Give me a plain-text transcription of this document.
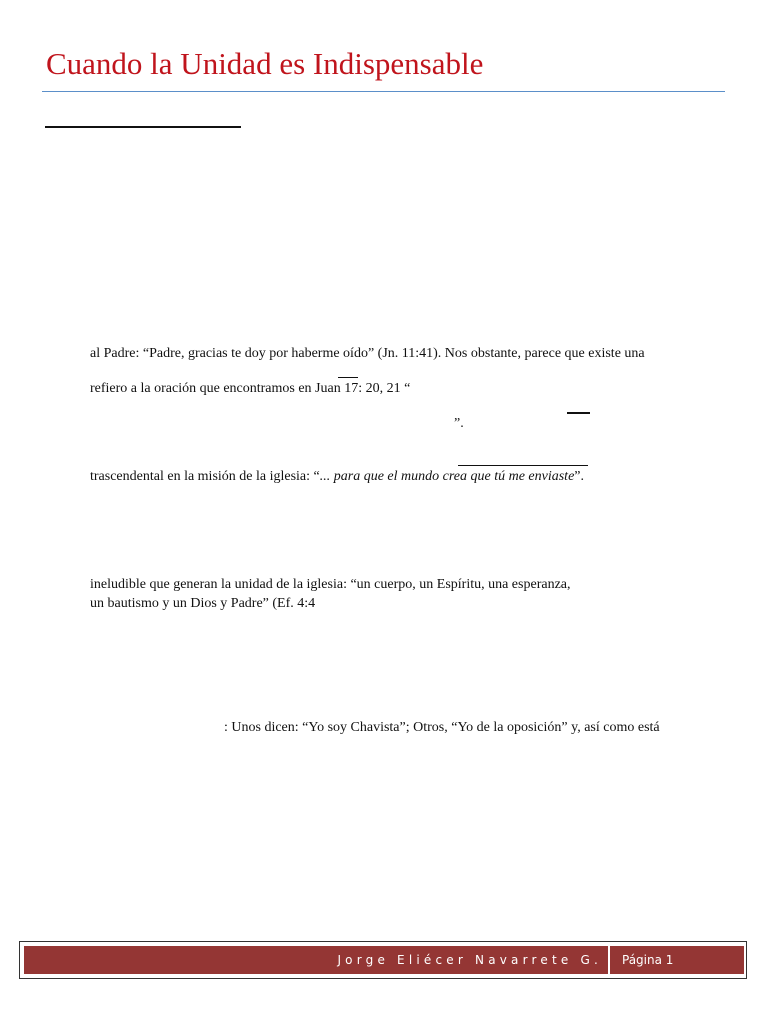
Cuando la Unidad es Indispensable
al Padre: “Padre, gracias te doy por haberme oído” (Jn. 11:41). Nos obstante, parece que existe una
refiero a la oración que encontramos en Juan 17: 20, 21 “
”.
trascendental en la misión de la iglesia: “... para que el mundo crea que tú me enviaste”.
ineludible que generan la unidad de la iglesia: “un cuerpo, un Espíritu, una esperanza,
un bautismo y un Dios y Padre” (Ef. 4:4
: Unos dicen: “Yo soy Chavista”; Otros, “Yo de la oposición” y, así como está
Jorge Eliécer Navarrete G. Página 1
